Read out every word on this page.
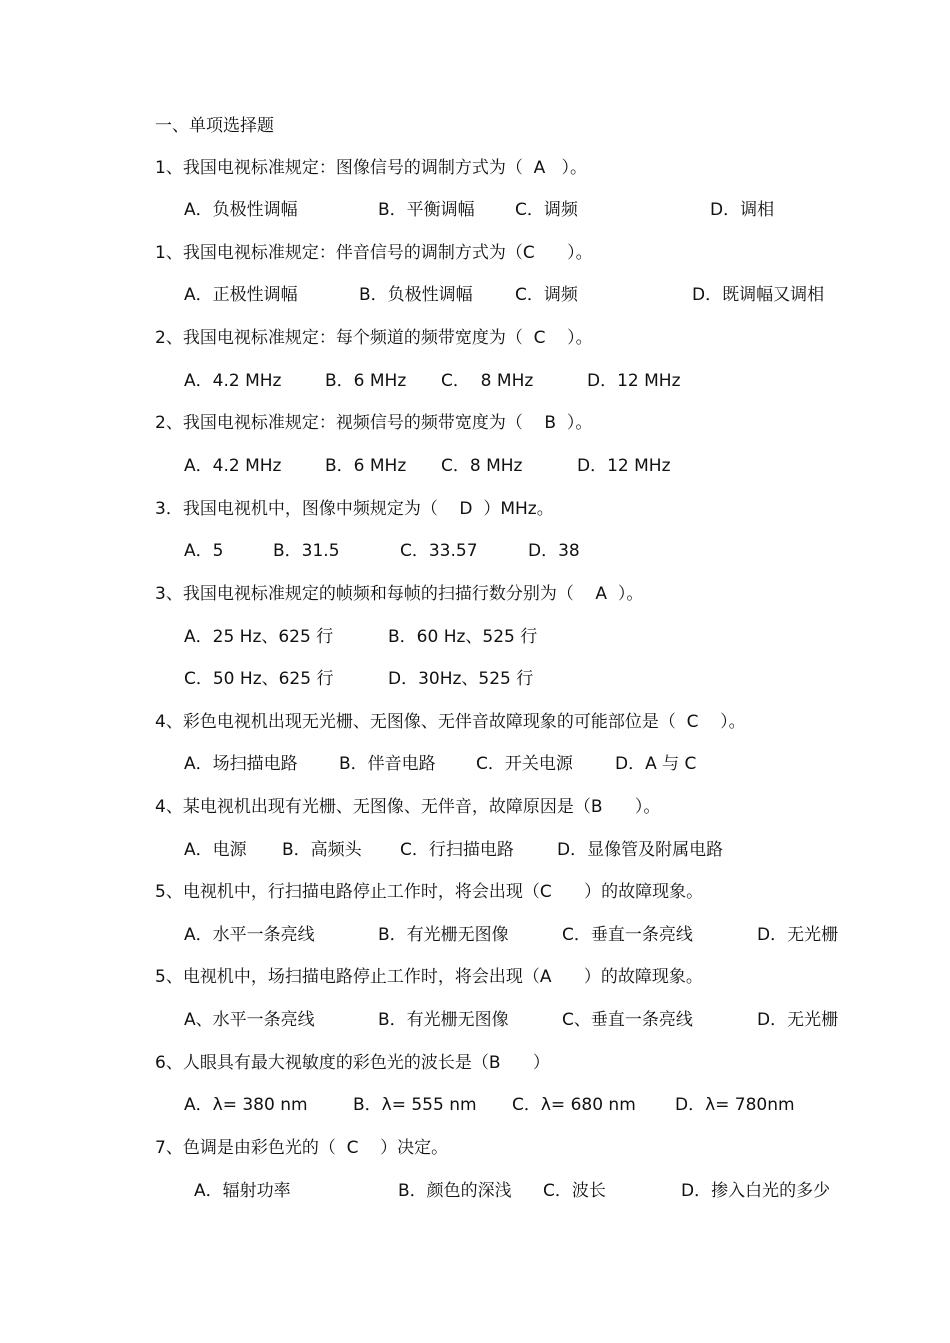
一、单项选择题
1、我国电视标准规定：图像信号的调制方式为（  A   ）。
A．负极性调幅	B．平衡调幅 C．调频	D．调相
1、我国电视标准规定：伴音信号的调制方式为（C      ）。
A．正极性调幅	B．负极性调幅 C．调频	D．既调幅又调相
2、我国电视标准规定：每个频道的频带宽度为（  C    ）。
A．4.2 MHz	B．6 MHz C．  8 MHz	D．12 MHz
2、我国电视标准规定：视频信号的频带宽度为（    B  ）。
A．4.2 MHz	B．6 MHz C．8 MHz	D．12 MHz
3．我国电视机中，图像中频规定为（    D  ）MHz。
A．5	B．31.5	C．33.57	D．38
3、我国电视标准规定的帧频和每帧的扫描行数分别为（    A  ）。
A．25 Hz、625 行	B．60 Hz、525 行
C．50 Hz、625 行	D．30Hz、525 行
4、彩色电视机出现无光栅、无图像、无伴音故障现象的可能部位是（  C    ）。
A．场扫描电路 B．伴音电路 C．开关电源 D．A 与 C
4、某电视机出现有光栅、无图像、无伴音，故障原因是（B      ）。
A．电源 B．高频头 C．行扫描电路	D．显像管及附属电路
5、电视机中，行扫描电路停止工作时，将会出现（C      ）的故障现象。
A．水平一条亮线	B．有光栅无图像	C．垂直一条亮线	D．无光栅
5、电视机中，场扫描电路停止工作时，将会出现（A      ）的故障现象。
A、水平一条亮线	B．有光栅无图像	C、垂直一条亮线	D．无光栅
6、人眼具有最大视敏度的彩色光的波长是（B      ）
A．λ= 380 nm	B．λ= 555 nm C．λ= 680 nm D．λ= 780nm
7、色调是由彩色光的（  C    ）决定。
A．辐射功率	B．颜色的深浅 C．波长	D．掺入白光的多少
